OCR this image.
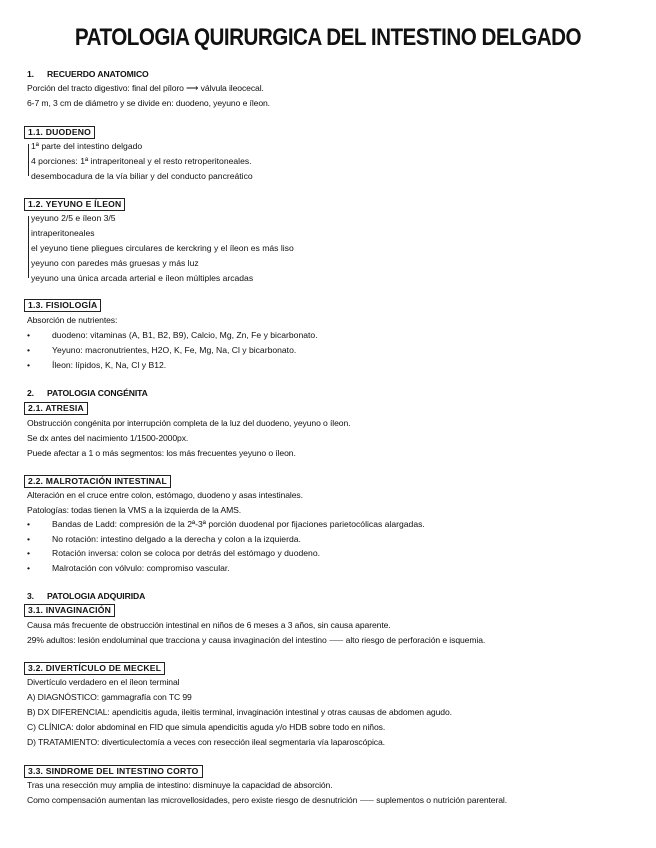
PATOLOGIA QUIRURGICA DEL INTESTINO DELGADO
1. RECUERDO ANATOMICO
Porción del tracto digestivo: final del píloro ⟶ válvula ileocecal.
6-7 m, 3 cm de diámetro y se divide en: duodeno, yeyuno e íleon.
1.1. DUODENO
1ª parte del intestino delgado
4 porciones: 1ª intraperitoneal y el resto retroperitoneales.
desembocadura de la vía biliar y del conducto pancreático
1.2. YEYUNO E ÍLEON
yeyuno 2/5 e íleon 3/5
intraperitoneales
el yeyuno tiene pliegues circulares de kerckring y el íleon es más liso
yeyuno con paredes más gruesas y más luz
yeyuno una única arcada arterial e íleon múltiples arcadas
1.3. FISIOLOGÍA
Absorción de nutrientes:
•	duodeno: vitaminas (A, B1, B2, B9), Calcio, Mg, Zn, Fe y bicarbonato.
•	Yeyuno: macronutrientes, H2O, K, Fe, Mg, Na, Cl y bicarbonato.
•	Íleon: lípidos, K, Na, Cl y B12.
2. PATOLOGIA CONGÉNITA
2.1. ATRESIA
Obstrucción congénita por interrupción completa de la luz del duodeno, yeyuno o íleon.
Se dx antes del nacimiento 1/1500-2000px.
Puede afectar a 1 o más segmentos: los más frecuentes yeyuno o íleon.
2.2. MALROTACIÓN INTESTINAL
Alteración en el cruce entre colon, estómago, duodeno y asas intestinales.
Patologías: todas tienen la VMS a la izquierda de la AMS.
•	Bandas de Ladd: compresión de la 2ª-3ª porción duodenal por fijaciones parietocólicas alargadas.
•	No rotación: intestino delgado a la derecha y colon a la izquierda.
•	Rotación inversa: colon se coloca por detrás del estómago y duodeno.
•	Malrotación con vólvulo: compromiso vascular.
3. PATOLOGIA ADQUIRIDA
3.1. INVAGINACIÓN
Causa más frecuente de obstrucción intestinal en niños de 6 meses a 3 años, sin causa aparente.
29% adultos: lesión endoluminal que tracciona y causa invaginación del intestino ⸺ alto riesgo de perforación e isquemia.
3.2. DIVERTÍCULO DE MECKEL
Divertículo verdadero en el íleon terminal
A) DIAGNÓSTICO: gammagrafía con TC 99
B) DX DIFERENCIAL: apendicitis aguda, ileitis terminal, invaginación intestinal y otras causas de abdomen agudo.
C) CLÍNICA: dolor abdominal en FID que simula apendicitis aguda y/o HDB sobre todo en niños.
D) TRATAMIENTO: diverticulectomía a veces con resección ileal segmentaria vía laparoscópica.
3.3. SINDROME DEL INTESTINO CORTO
Tras una resección muy amplia de intestino: disminuye la capacidad de absorción.
Como compensación aumentan las microvellosidades, pero existe riesgo de desnutrición ⸺ suplementos o nutrición parenteral.
